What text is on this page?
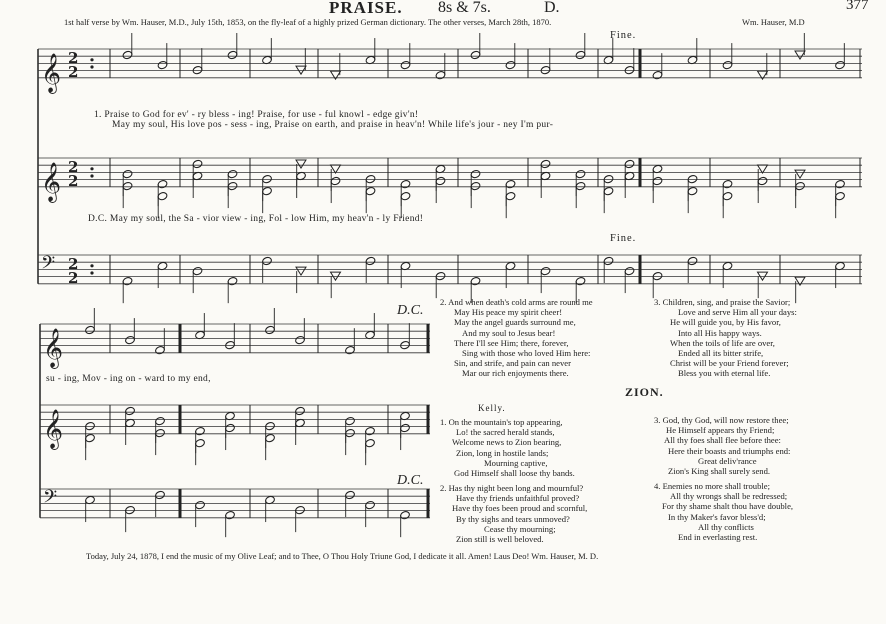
PRAISE. 8s & 7s.	D.	377
1st half verse by Wm. Hauser, M.D., July 15th, 1853, on the fly-leaf of a highly prized German dictionary. The other verses, March 28th, 1870.	Wm. Hauser, M.D
𝄞 2
2
𝄞 2
2
𝄢 2
2
𝄞
𝄞
𝄢
Fine.
Fine.
D.C.
D.C.
1. Praise to God for ev' - ry bless - ing! Praise, for use - ful knowl - edge giv'n!
May my soul, His love pos - sess - ing, Praise on earth, and praise in heav'n! While life's jour - ney I'm pur-
D.C. May my soul, the Sa - vior view - ing, Fol - low Him, my heav'n - ly Friend!
su - ing, Mov - ing on - ward to my end,
2. And when death's cold arms are round me
May His peace my spirit cheer!
May the angel guards surround me,
And my soul to Jesus bear!
There I'll see Him; there, forever,
Sing with those who loved Him here:
Sin, and strife, and pain can never
Mar our rich enjoyments there.
3. Children, sing, and praise the Savior;
Love and serve Him all your days:
He will guide you, by His favor,
Into all His happy ways.
When the toils of life are over,
Ended all its bitter strife,
Christ will be your Friend forever;
Bless you with eternal life.
ZION.
Kelly.
1. On the mountain's top appearing,
Lo! the sacred herald stands,
Welcome news to Zion bearing,
Zion, long in hostile lands;
Mourning captive,
God Himself shall loose thy bands.
2. Has thy night been long and mournful?
Have thy friends unfaithful proved?
Have thy foes been proud and scornful,
By thy sighs and tears unmoved?
Cease thy mourning;
Zion still is well beloved.
3. God, thy God, will now restore thee;
He Himself appears thy Friend;
All thy foes shall flee before thee:
Here their boasts and triumphs end:
Great deliv'rance
Zion's King shall surely send.
4. Enemies no more shall trouble;
All thy wrongs shall be redressed;
For thy shame shalt thou have double,
In thy Maker's favor bless'd;
All thy conflicts
End in everlasting rest.
Today, July 24, 1878, I end the music of my Olive Leaf; and to Thee, O Thou Holy Triune God, I dedicate it all. Amen! Laus Deo! Wm. Hauser, M. D.
